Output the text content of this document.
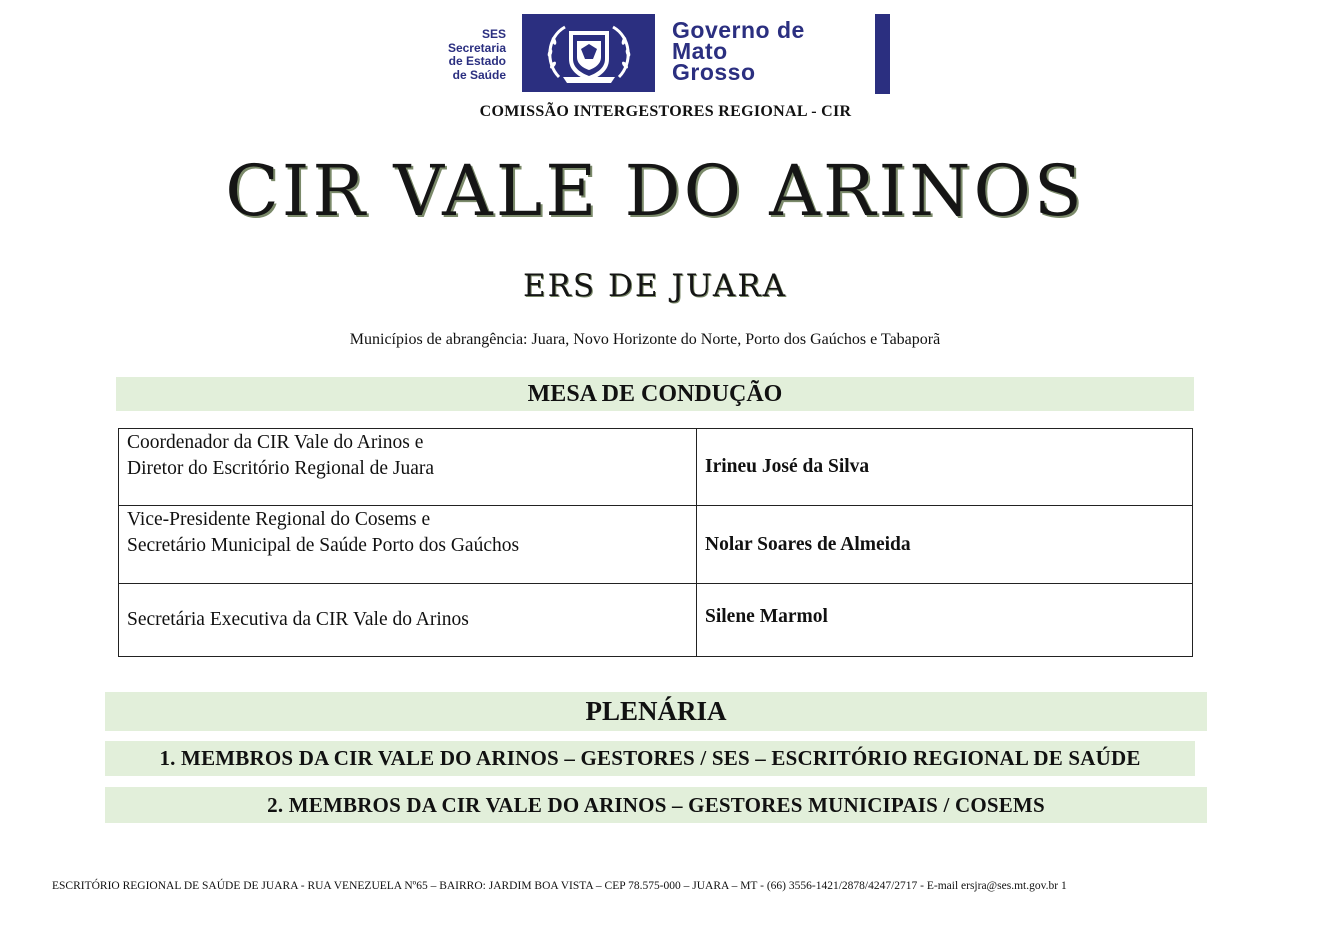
SES
Secretaria
de Estado
de Saúde
Governo de
Mato
Grosso
COMISSÃO INTERGESTORES REGIONAL - CIR
CIR VALE DO ARINOS
ERS DE JUARA
Municípios de abrangência: Juara, Novo Horizonte do Norte, Porto dos Gaúchos e Tabaporã
MESA DE CONDUÇÃO
Coordenador da CIR Vale do Arinos e
Diretor do Escritório Regional de Juara	Irineu José da Silva

Vice-Presidente Regional do Cosems e
Secretário Municipal de Saúde Porto dos Gaúchos	Nolar Soares de Almeida

Secretária Executiva da CIR Vale do Arinos	Silene Marmol
PLENÁRIA
1. MEMBROS DA CIR VALE DO ARINOS – GESTORES / SES – ESCRITÓRIO REGIONAL DE SAÚDE
2. MEMBROS DA CIR VALE DO ARINOS – GESTORES MUNICIPAIS / COSEMS
ESCRITÓRIO REGIONAL DE SAÚDE DE JUARA - RUA VENEZUELA Nº65 – BAIRRO: JARDIM BOA VISTA – CEP 78.575-000 – JUARA – MT - (66) 3556-1421/2878/4247/2717 - E-mail ersjra@ses.mt.gov.br 1
